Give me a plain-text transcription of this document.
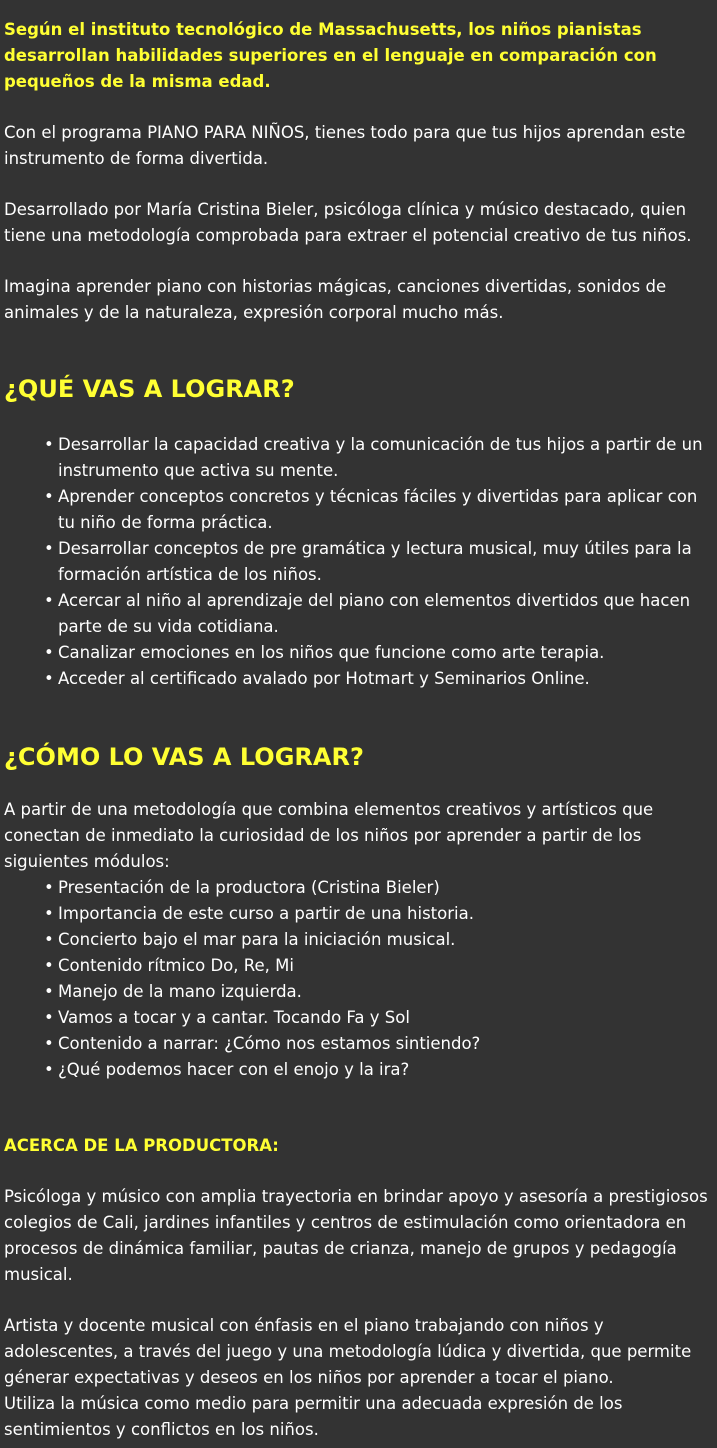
Según el instituto tecnológico de Massachusetts, los niños pianistas desarrollan habilidades superiores en el lenguaje en comparación con pequeños de la misma edad.

Con el programa PIANO PARA NIÑOS, tienes todo para que tus hijos aprendan este instrumento de forma divertida.

Desarrollado por María Cristina Bieler, psicóloga clínica y músico destacado, quien tiene una metodología comprobada para extraer el potencial creativo de tus niños.

Imagina aprender piano con historias mágicas, canciones divertidas, sonidos de animales y de la naturaleza, expresión corporal mucho más.

¿QUÉ VAS A LOGRAR?
• Desarrollar la capacidad creativa y la comunicación de tus hijos a partir de un instrumento que activa su mente.
• Aprender conceptos concretos y técnicas fáciles y divertidas para aplicar con tu niño de forma práctica.
• Desarrollar conceptos de pre gramática y lectura musical, muy útiles para la formación artística de los niños.
• Acercar al niño al aprendizaje del piano con elementos divertidos que hacen parte de su vida cotidiana.
• Canalizar emociones en los niños que funcione como arte terapia.
• Acceder al certificado avalado por Hotmart y Seminarios Online.
¿CÓMO LO VAS A LOGRAR?

A partir de una metodología que combina elementos creativos y artísticos que conectan de inmediato la curiosidad de los niños por aprender a partir de los siguientes módulos:

• Presentación de la productora (Cristina Bieler)
• Importancia de este curso a partir de una historia.
• Concierto bajo el mar para la iniciación musical.
• Contenido rítmico Do, Re, Mi
• Manejo de la mano izquierda.
• Vamos a tocar y a cantar. Tocando Fa y Sol
• Contenido a narrar: ¿Cómo nos estamos sintiendo?
• ¿Qué podemos hacer con el enojo y la ira?
ACERCA DE LA PRODUCTORA:

Psicóloga y músico con amplia trayectoria en brindar apoyo y asesoría a prestigiosos colegios de Cali, jardines infantiles y centros de estimulación como orientadora en procesos de dinámica familiar, pautas de crianza, manejo de grupos y pedagogía musical.

Artista y docente musical con énfasis en el piano trabajando con niños y adolescentes, a través del juego y una metodología lúdica y divertida, que permite génerar expectativas y deseos en los niños por aprender a tocar el piano.

Utiliza la música como medio para permitir una adecuada expresión de los sentimientos y conflictos en los niños.
